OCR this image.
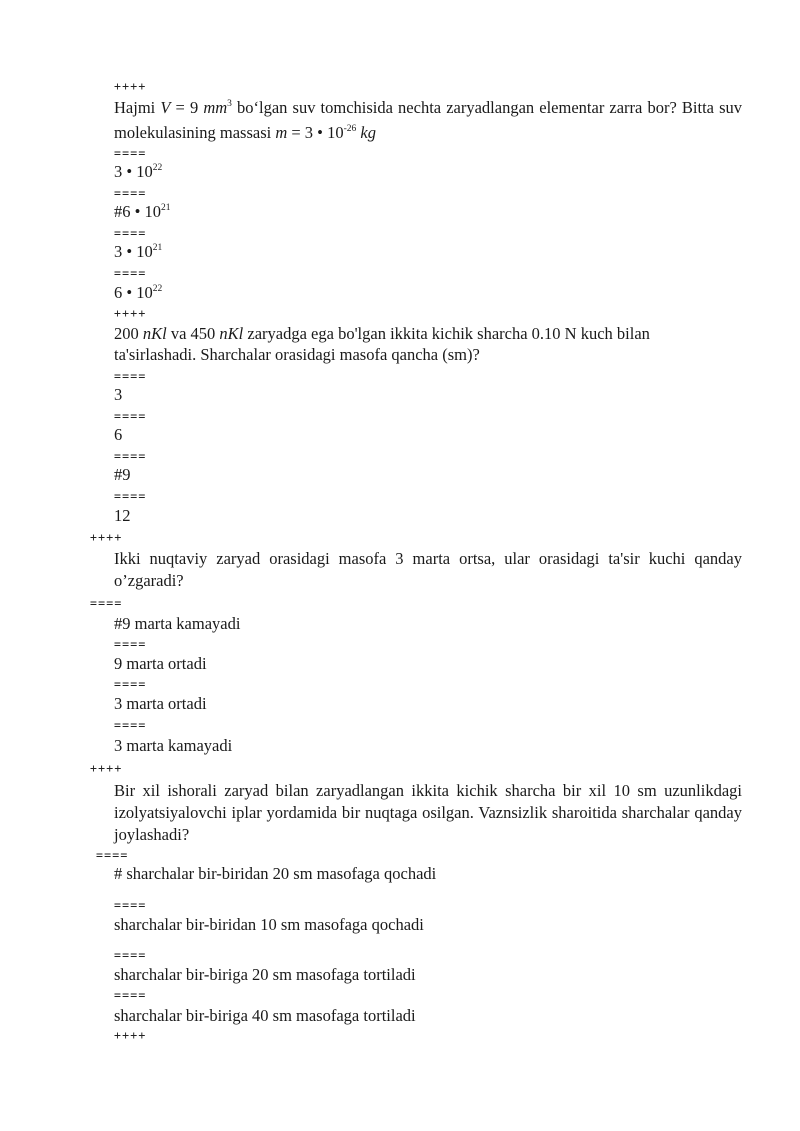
++++
Hajmi V = 9 $mm^3$ bo‘lgan suv tomchisida nechta zaryadlangan elementar zarra bor? Bitta suv molekulasining massasi m = 3 • $10^{-26}$ kg
====
3 • $10^{22}$
====
#6 • $10^{21}$
====
3 • $10^{21}$
====
6 • $10^{22}$
++++
200 nKl va 450 nKl zaryadga ega bo'lgan ikkita kichik sharcha 0.10 N kuch bilan
ta'sirlashadi. Sharchalar orasidagi masofa qancha (sm)?
====
3
====
6
====
#9
====
12
++++
Ikki nuqtaviy zaryad orasidagi masofa 3 marta ortsa, ular orasidagi ta'sir kuchi qanday o’zgaradi?
====
#9 marta kamayadi
====
9 marta ortadi
====
3 marta ortadi
====
3 marta kamayadi
++++
Bir xil ishorali zaryad bilan zaryadlangan ikkita kichik sharcha bir xil 10 sm uzunlikdagi izolyatsiyalovchi iplar yordamida bir nuqtaga osilgan. Vaznsizlik sharoitida sharchalar qanday joylashadi?
====
# sharchalar bir-biridan 20 sm masofaga qochadi
====
sharchalar bir-biridan 10 sm masofaga qochadi
====
sharchalar bir-biriga 20 sm masofaga tortiladi
====
sharchalar bir-biriga 40 sm masofaga tortiladi
++++
